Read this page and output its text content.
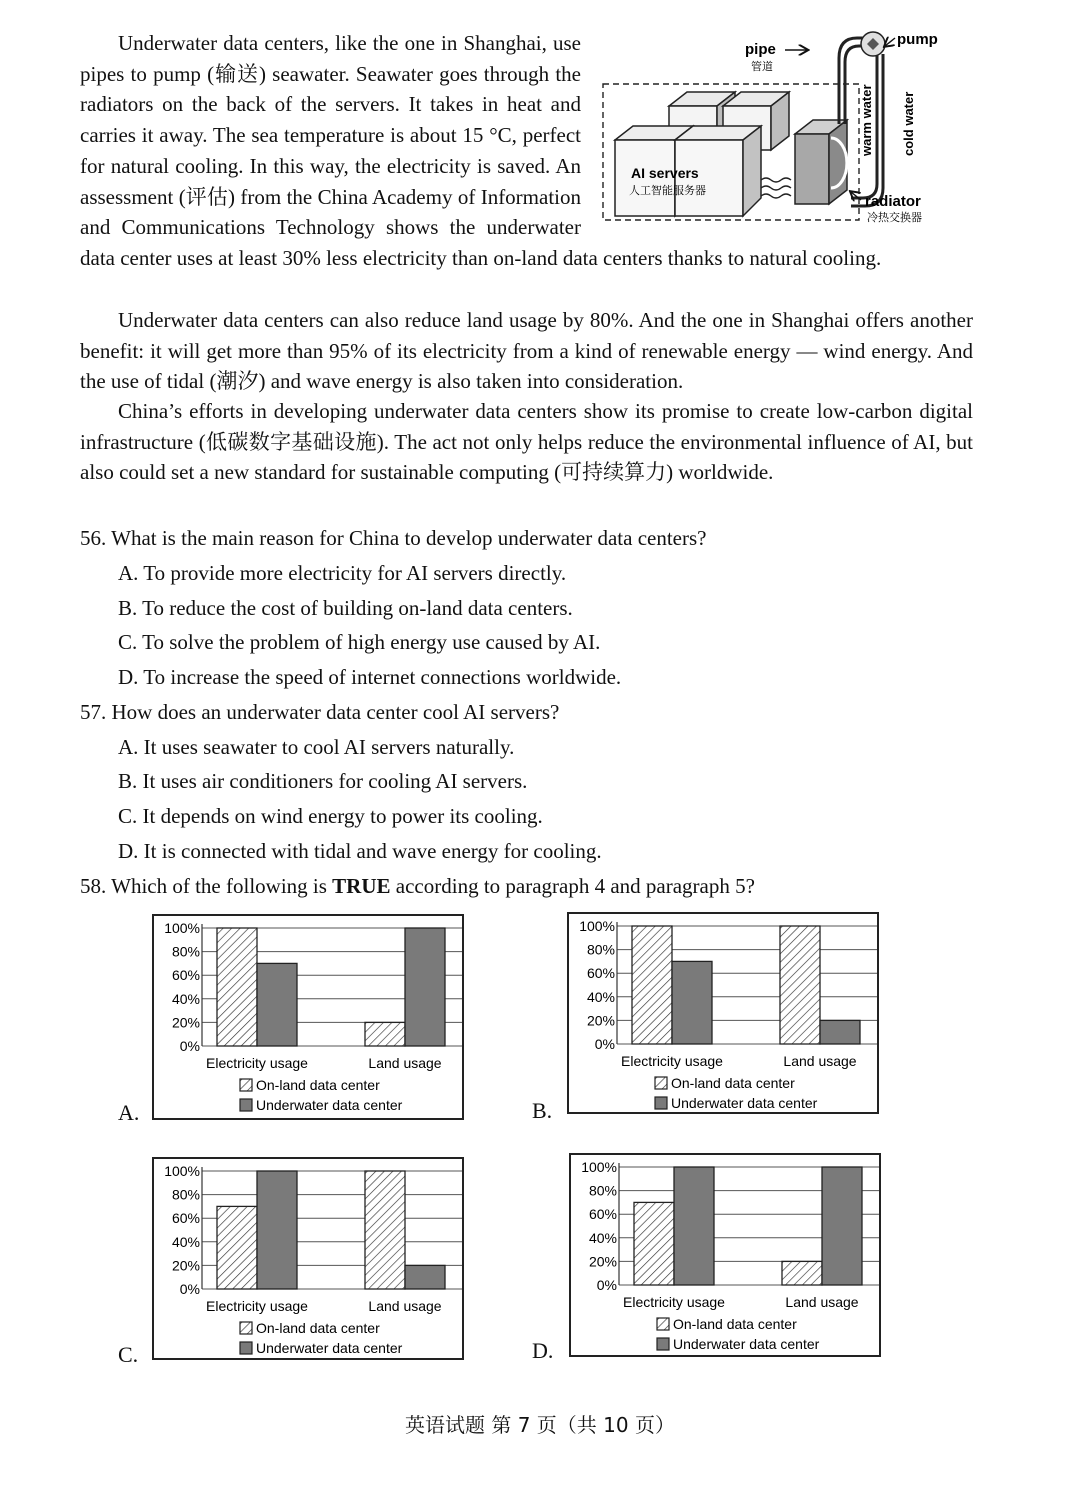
AI servers
人工智能服务器
pipe
管道
pump
warm water cold water
radiator
冷热交换器

Underwater data centers, like the one in Shanghai, use pipes to pump (输送) seawater. Seawater goes through the radiators on the back of the servers. It takes in heat and carries it away. The sea temperature is about 15 °C, perfect for natural cooling. In this way, the electricity is saved. An assessment (评估) from the China Academy of Information and Communications Technology shows the underwater data center uses at least 30% less electricity than on-land data centers thanks to natural cooling.

Underwater data centers can also reduce land usage by 80%. And the one in Shanghai offers another benefit: it will get more than 95% of its electricity from a kind of renewable energy — wind energy. And the use of tidal (潮汐) and wave energy is also taken into consideration.

China’s efforts in developing underwater data centers show its promise to create low-carbon digital infrastructure (低碳数字基础设施). The act not only helps reduce the environmental influence of AI, but also could set a new standard for sustainable computing (可持续算力) worldwide.

56. What is the main reason for China to develop underwater data centers?
A. To provide more electricity for AI servers directly.
B. To reduce the cost of building on-land data centers.
C. To solve the problem of high energy use caused by AI.
D. To increase the speed of internet connections worldwide.
57. How does an underwater data center cool AI servers?
A. It uses seawater to cool AI servers naturally.
B. It uses air conditioners for cooling AI servers.
C. It depends on wind energy to power its cooling.
D. It is connected with tidal and wave energy for cooling.
58. Which of the following is TRUE according to paragraph 4 and paragraph 5?
A.	B.
C.	D.
0%
20%
40%
60%
80%
100%
Electricity usage	Land usage
On-land data center
Underwater data center
0%
20%
40%
60%
80%
100%
Electricity usage	Land usage
On-land data center
Underwater data center
0%
20%
40%
60%
80%
100%
Electricity usage	Land usage
On-land data center
Underwater data center
0%
20%
40%
60%
80%
100%
Electricity usage	Land usage
On-land data center
Underwater data center
英语试题 第 7 页（共 10 页）
